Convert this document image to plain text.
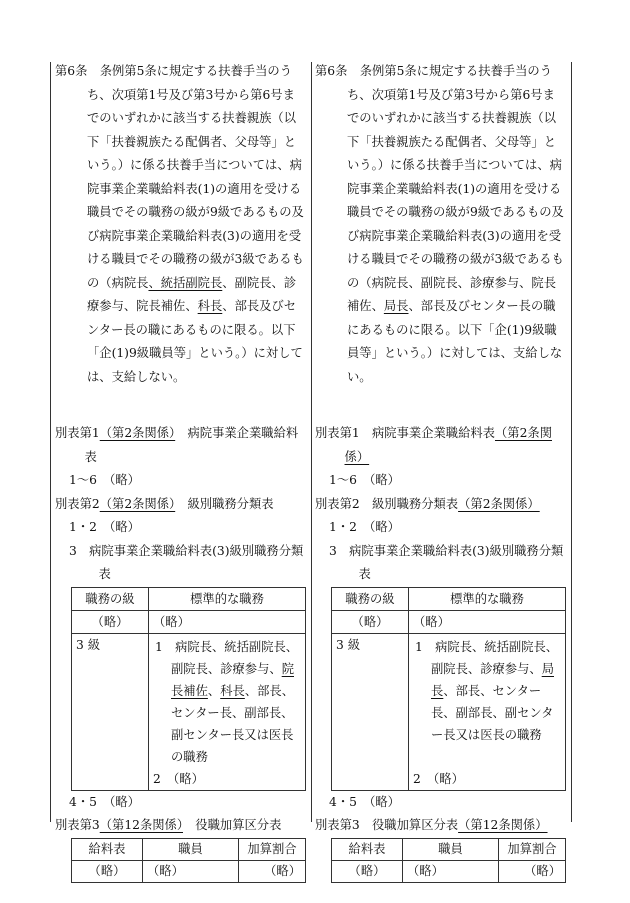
第6条　条例第5条に規定する扶養手当のうち、次項第1号及び第3号から第6号までのいずれかに該当する扶養親族（以下「扶養親族たる配偶者、父母等」という。）に係る扶養手当については、病院事業企業職給料表(1)の適用を受ける職員でその職務の級が9級であるもの及び病院事業企業職給料表(3)の適用を受ける職員でその職務の級が3級であるもの（病院長、統括副院長、副院長、診療参与、院長補佐、科長、部長及びセンター長の職にあるものに限る。以下「企(1)9級職員等」という。）に対しては、支給しない。

別表第1（第2条関係）　病院事業企業職給料表
1〜6　（略）
別表第2（第2条関係）　級別職務分類表
1・2　（略）
3　病院事業企業職給料表(3)級別職務分類表
職務の級	標準的な職務
（略）	（略）
3 級	1　病院長、統括副院長、副院長、診療参与、院長補佐、科長、部長、センター長、副部長、副センター長又は医長の職務
2　（略）
4・5　（略）
別表第3（第12条関係）　役職加算区分表
給料表	職員	加算割合
（略）	（略）	（略）

第6条　条例第5条に規定する扶養手当のうち、次項第1号及び第3号から第6号までのいずれかに該当する扶養親族（以下「扶養親族たる配偶者、父母等」という。）に係る扶養手当については、病院事業企業職給料表(1)の適用を受ける職員でその職務の級が9級であるもの及び病院事業企業職給料表(3)の適用を受ける職員でその職務の級が3級であるもの（病院長、副院長、診療参与、院長補佐、局長、部長及びセンター長の職にあるものに限る。以下「企(1)9級職員等」という。）に対しては、支給しない。

別表第1　病院事業企業職給料表（第2条関係）
1〜6　（略）
別表第2　級別職務分類表（第2条関係）
1・2　（略）
3　病院事業企業職給料表(3)級別職務分類表
職務の級	標準的な職務
（略）	（略）
3 級	1　病院長、統括副院長、副院長、診療参与、局長、部長、センター長、副部長、副センター長又は医長の職務
2　（略）
4・5　（略）
別表第3　役職加算区分表（第12条関係）
給料表	職員	加算割合
（略）	（略）	（略）
